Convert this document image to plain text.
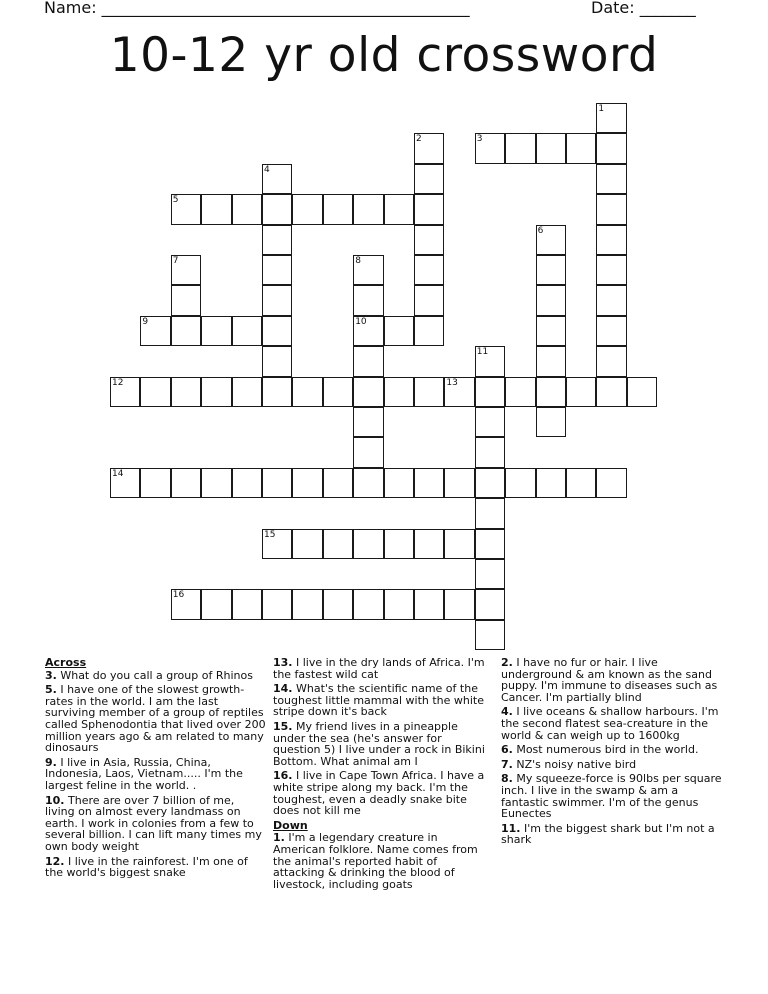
Name: ______________________________________________	Date: _______
10-12 yr old crossword
1
2	3
4
5
6
7	8
9	10
11
12	13
14
15
16
Across
3. What do you call a group of Rhinos
5. I have one of the slowest growth-rates in the world. I am the last surviving member of a group of reptiles called Sphenodontia that lived over 200 million years ago & am related to many dinosaurs
9. I live in Asia, Russia, China, Indonesia, Laos, Vietnam..... I'm the largest feline in the world. .
10. There are over 7 billion of me, living on almost every landmass on earth. I work in colonies from a few to several billion. I can lift many times my own body weight
12. I live in the rainforest. I'm one of the world's biggest snake
13. I live in the dry lands of Africa. I'm the fastest wild cat
14. What's the scientific name of the toughest little mammal with the white stripe down it's back
15. My friend lives in a pineapple under the sea (he's answer for question 5) I live under a rock in Bikini Bottom. What animal am I
16. I live in Cape Town Africa. I have a white stripe along my back. I'm the toughest, even a deadly snake bite does not kill me
Down
1. I'm a legendary creature in American folklore. Name comes from the animal's reported habit of attacking & drinking the blood of livestock, including goats
2. I have no fur or hair. I live underground & am known as the sand puppy. I'm immune to diseases such as Cancer. I'm partially blind
4. I live oceans & shallow harbours. I'm the second flatest sea-creature in the world & can weigh up to 1600kg
6. Most numerous bird in the world.
7. NZ's noisy native bird
8. My squeeze-force is 90lbs per square inch. I live in the swamp & am a fantastic swimmer. I'm of the genus Eunectes
11. I'm the biggest shark but I'm not a shark
